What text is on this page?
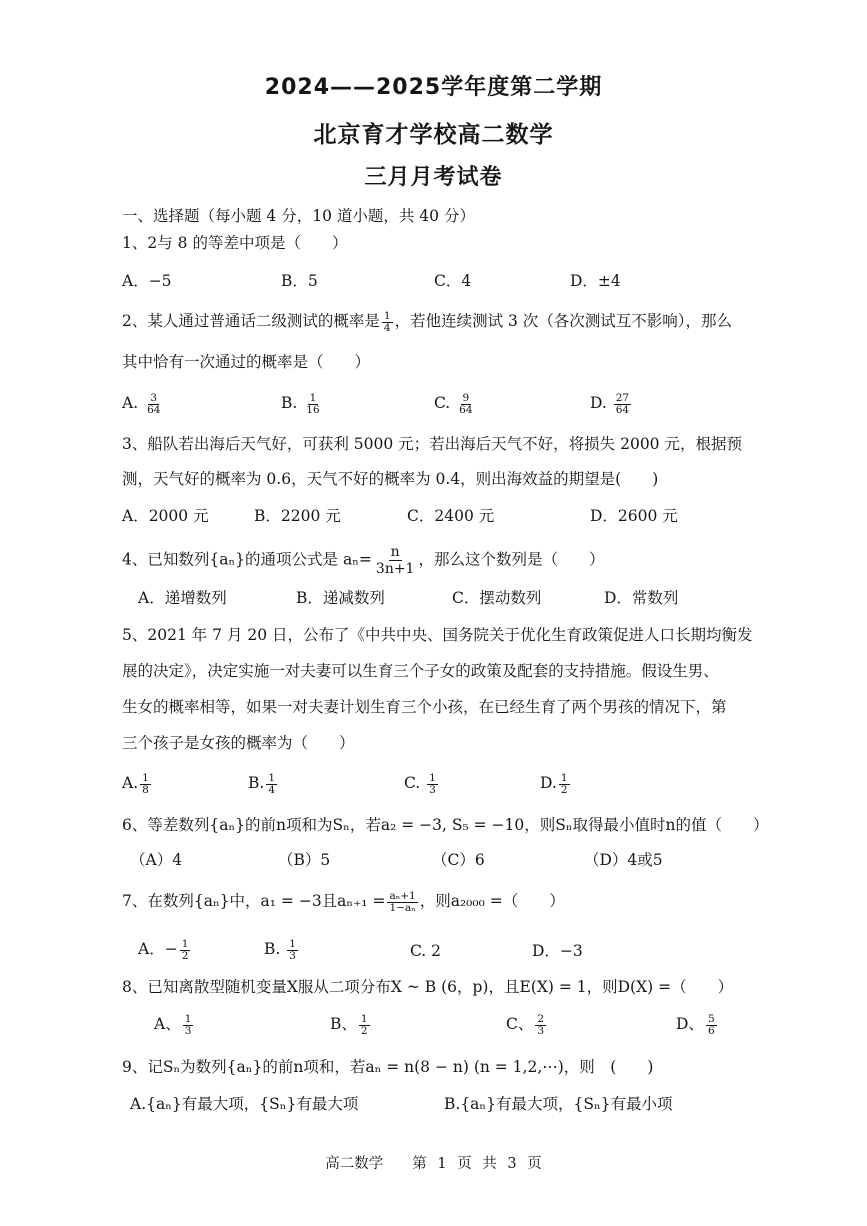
2024——2025学年度第二学期
北京育才学校高二数学
三月月考试卷
一、选择题（每小题 4 分，10 道小题，共 40 分）
1、2与 8 的等差中项是（　　）
A．−5	B．5	C．4	D．±4
2、某人通过普通话二级测试的概率是 $\frac{1}{4}$ ，若他连续测试 3 次（各次测试互不影响），那么
其中恰有一次通过的概率是（　　）
A. $\frac{3}{64}$	B. $\frac{1}{16}$	C. $\frac{9}{64}$	D. $\frac{27}{64}$
3、船队若出海后天气好，可获利 5000 元；若出海后天气不好，将损失 2000 元，根据预
测，天气好的概率为 0.6，天气不好的概率为 0.4，则出海效益的期望是(　　)
A．2000 元	B．2200 元	C．2400 元	D．2600 元
4、已知数列{aₙ}的通项公式是 $a_n= \frac{n}{3n+1}$ ，那么这个数列是（　　）
A．递增数列	B．递减数列	C．摆动数列	D．常数列
5、2021 年 7 月 20 日，公布了《中共中央、国务院关于优化生育政策促进人口长期均衡发
展的决定》，决定实施一对夫妻可以生育三个子女的政策及配套的支持措施。假设生男、
生女的概率相等，如果一对夫妻计划生育三个小孩，在已经生育了两个男孩的情况下，第
三个孩子是女孩的概率为（　　）
A. $\frac{1}{8}$	B. $\frac{1}{4}$	C. $\frac{1}{3}$	D. $\frac{1}{2}$
6、等差数列{aₙ}的前n项和为Sₙ，若a₂ = −3, S₅ = −10，则Sₙ取得最小值时n的值（　　）
（A）4	（B）5	（C）6	（D）4或5
7、在数列{aₙ}中，a₁ = −3且$a_{n+1} = \frac{\text{aₙ+1}}{\text{1−aₙ}}$ ，则a₂₀₀₀ =（　　）
A．− $\frac{1}{2}$	B. $\frac{1}{3}$	C. 2	D．−3
8、已知离散型随机变量X服从二项分布X ~ B (6，p)，且E(X) = 1，则D(X) =（　　）
A、 $\frac{1}{3}$	B、 $\frac{1}{2}$	C、 $\frac{2}{3}$	D、 $\frac{5}{6}$
9、记Sₙ为数列{aₙ}的前n项和，若aₙ = n(8 − n) (n = 1,2,⋯)，则　(　　)
A.{aₙ}有最大项，{Sₙ}有最大项	B.{aₙ}有最大项，{Sₙ}有最小项
高二数学　　第 1 页 共 3 页
